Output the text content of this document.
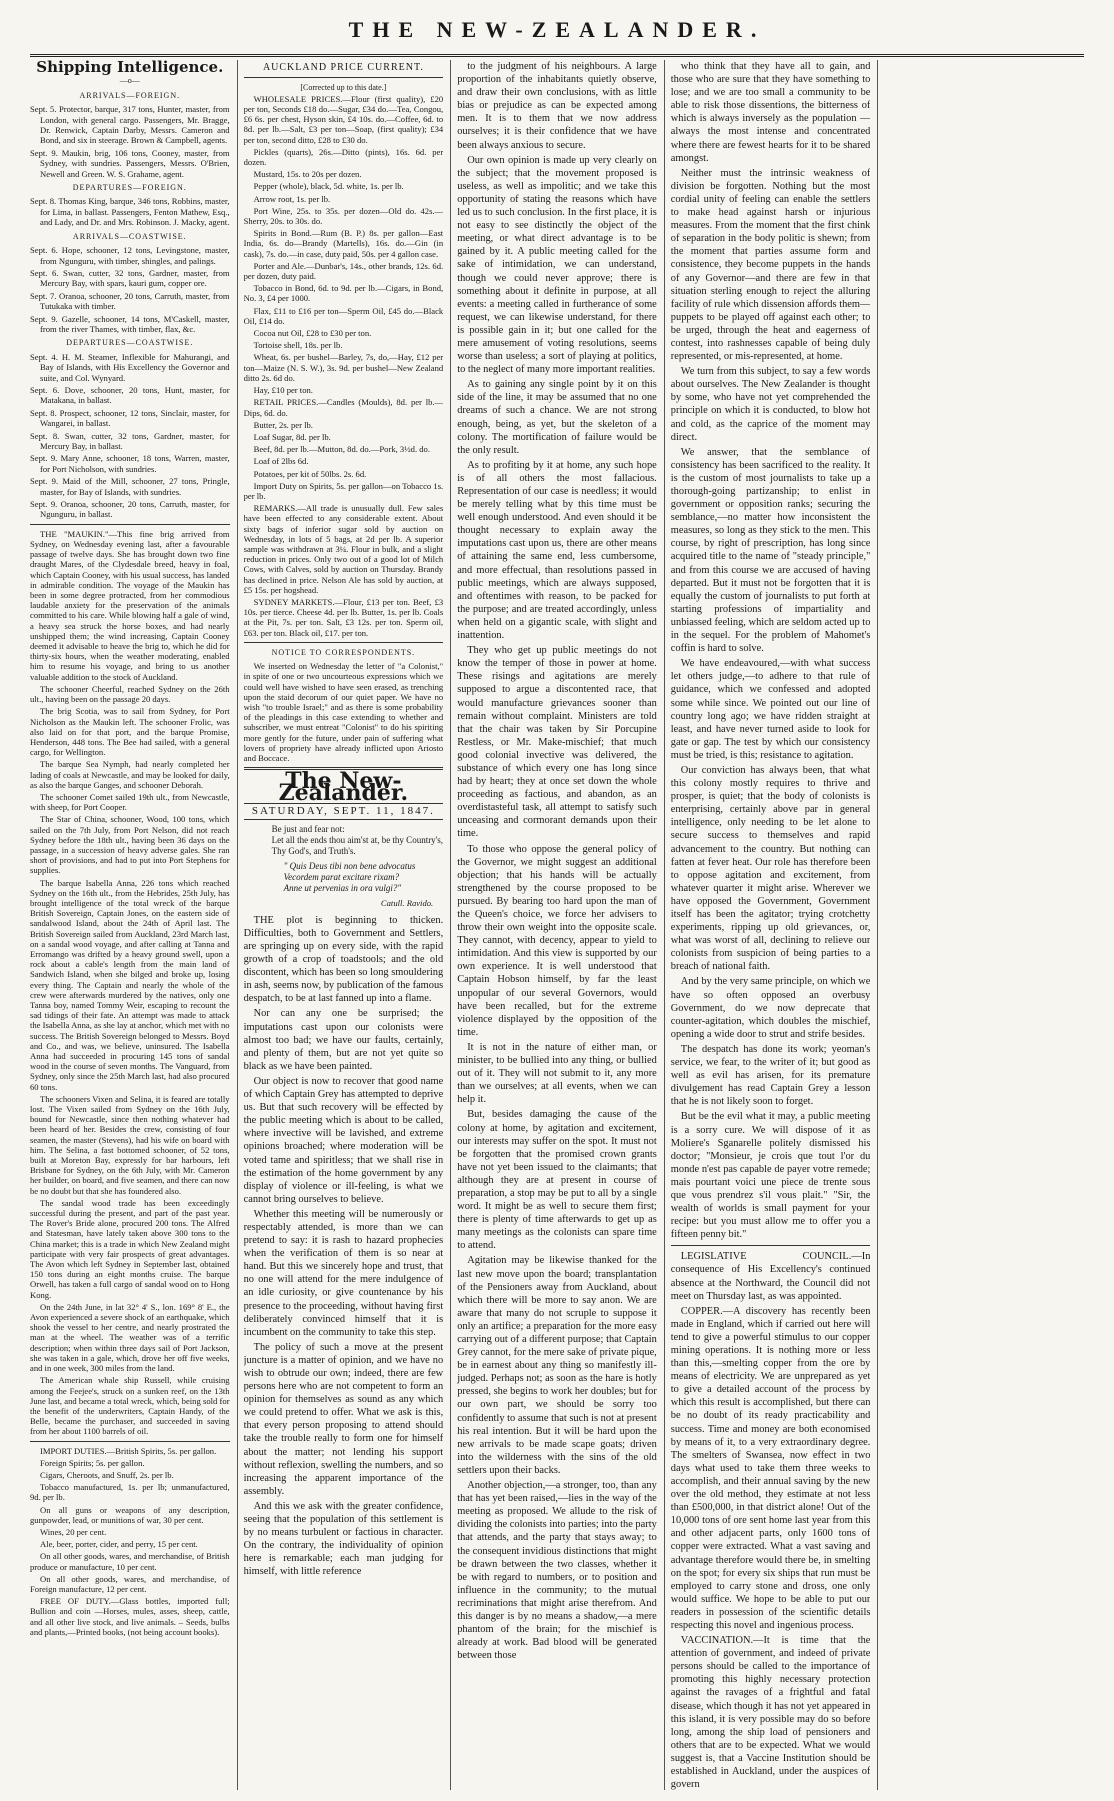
THE NEW-ZEALANDER.
Shipping Intelligence.
—o—
ARRIVALS—FOREIGN.
Sept. 5. Protector, barque, 317 tons, Hunter, master, from London, with general cargo. Passengers, Mr. Bragge, Dr. Renwick, Captain Darby, Messrs. Cameron and Bond, and six in steerage. Brown & Campbell, agents.
Sept. 9. Maukin, brig, 106 tons, Cooney, master, from Sydney, with sundries. Passengers, Messrs. O'Brien, Newell and Green. W. S. Grahame, agent.
DEPARTURES—FOREIGN.
Sept. 8. Thomas King, barque, 346 tons, Robbins, master, for Lima, in ballast. Passengers, Fenton Mathew, Esq., and Lady, and Dr. and Mrs. Robinson. J. Macky, agent.
ARRIVALS—COASTWISE.
Sept. 6. Hope, schooner, 12 tons, Levingstone, master, from Ngunguru, with timber, shingles, and palings.
Sept. 6. Swan, cutter, 32 tons, Gardner, master, from Mercury Bay, with spars, kauri gum, copper ore.
Sept. 7. Oranoa, schooner, 20 tons, Carruth, master, from Tutukaka with timber.
Sept. 9. Gazelle, schooner, 14 tons, M'Caskell, master, from the river Thames, with timber, flax, &c.
DEPARTURES—COASTWISE.
Sept. 4. H. M. Steamer, Inflexible for Mahurangi, and Bay of Islands, with His Excellency the Governor and suite, and Col. Wynyard.
Sept. 6. Dove, schooner, 20 tons, Hunt, master, for Matakana, in ballast.
Sept. 8. Prospect, schooner, 12 tons, Sinclair, master, for Wangarei, in ballast.
Sept. 8. Swan, cutter, 32 tons, Gardner, master, for Mercury Bay, in ballast.
Sept. 9. Mary Anne, schooner, 18 tons, Warren, master, for Port Nicholson, with sundries.
Sept. 9. Maid of the Mill, schooner, 27 tons, Pringle, master, for Bay of Islands, with sundries.
Sept. 9. Oranoa, schooner, 20 tons, Carruth, master, for Ngunguru, in ballast.

THE "MAUKIN."—This fine brig arrived from Sydney, on Wednesday evening last, after a favourable passage of twelve days. She has brought down two fine draught Mares, of the Clydesdale breed, heavy in foal, which Captain Cooney, with his usual success, has landed in admirable condition. The voyage of the Maukin has been in some degree protracted, from her commodious laudable anxiety for the preservation of the animals committed to his care. While blowing half a gale of wind, a heavy sea struck the horse boxes, and had nearly unshipped them; the wind increasing, Captain Cooney deemed it advisable to heave the brig to, which he did for thirty-six hours, when the weather moderating, enabled him to resume his voyage, and bring to us another valuable addition to the stock of Auckland.

The schooner Cheerful, reached Sydney on the 26th ult., having been on the passage 20 days.

The brig Scotia, was to sail from Sydney, for Port Nicholson as the Maukin left. The schooner Frolic, was also laid on for that port, and the barque Promise, Henderson, 448 tons. The Bee had sailed, with a general cargo, for Wellington.

The barque Sea Nymph, had nearly completed her lading of coals at Newcastle, and may be looked for daily, as also the barque Ganges, and schooner Deborah.

The schooner Comet sailed 19th ult., from Newcastle, with sheep, for Port Cooper.

The Star of China, schooner, Wood, 100 tons, which sailed on the 7th July, from Port Nelson, did not reach Sydney before the 18th ult., having been 36 days on the passage, in a succession of heavy adverse gales. She ran short of provisions, and had to put into Port Stephens for supplies.

The barque Isabella Anna, 226 tons which reached Sydney on the 16th ult., from the Hebrides, 25th July, has brought intelligence of the total wreck of the barque British Sovereign, Captain Jones, on the eastern side of sandalwood Island, about the 24th of April last. The British Sovereign sailed from Auckland, 23rd March last, on a sandal wood voyage, and after calling at Tanna and Erromango was drifted by a heavy ground swell, upon a rock about a cable's length from the main land of Sandwich Island, when she bilged and broke up, losing every thing. The Captain and nearly the whole of the crew were afterwards murdered by the natives, only one Tanna boy, named Tommy Weir, escaping to recount the sad tidings of their fate. An attempt was made to attack the Isabella Anna, as she lay at anchor, which met with no success. The British Sovereign belonged to Messrs. Boyd and Co., and was, we believe, uninsured. The Isabella Anna had succeeded in procuring 145 tons of sandal wood in the course of seven months. The Vanguard, from Sydney, only since the 25th March last, had also procured 60 tons.

The schooners Vixen and Selina, it is feared are totally lost. The Vixen sailed from Sydney on the 16th July, bound for Newcastle, since then nothing whatever had been heard of her. Besides the crew, consisting of four seamen, the master (Stevens), had his wife on board with him. The Selina, a fast bottomed schooner, of 52 tons, built at Moreton Bay, expressly for bar harbours, left Brisbane for Sydney, on the 6th July, with Mr. Cameron her builder, on board, and five seamen, and there can now be no doubt but that she has foundered also.

The sandal wood trade has been exceedingly successful during the present, and part of the past year. The Rover's Bride alone, procured 200 tons. The Alfred and Statesman, have lately taken above 300 tons to the China market; this is a trade in which New Zealand might participate with very fair prospects of great advantages. The Avon which left Sydney in September last, obtained 150 tons during an eight months cruise. The barque Orwell, has taken a full cargo of sandal wood on to Hong Kong.

On the 24th June, in lat 32° 4' S., lon. 169° 8' E., the Avon experienced a severe shock of an earthquake, which shook the vessel to her centre, and nearly prostrated the man at the wheel. The weather was of a terrific description; when within three days sail of Port Jackson, she was taken in a gale, which, drove her off five weeks, and in one week, 300 miles from the land.

The American whale ship Russell, while cruising among the Feejee's, struck on a sunken reef, on the 13th June last, and became a total wreck, which, being sold for the benefit of the underwriters, Captain Handy, of the Belle, became the purchaser, and succeeded in saving from her about 1100 barrels of oil.

IMPORT DUTIES.—British Spirits, 5s. per gallon.

Foreign Spirits; 5s. per gallon.

Cigars, Cheroots, and Snuff, 2s. per lb.

Tobacco manufactured, 1s. per lb; unmanufactured, 9d. per lb.

On all guns or weapons of any description, gunpowder, lead, or munitions of war, 30 per cent.

Wines, 20 per cent.

Ale, beer, porter, cider, and perry, 15 per cent.

On all other goods, wares, and merchandise, of British produce or manufacture, 10 per cent.

On all other goods, wares, and merchandise, of Foreign manufacture, 12 per cent.

FREE OF DUTY.—Glass bottles, imported full; Bullion and coin —Horses, mules, asses, sheep, cattle, and all other live stock, and live animals. – Seeds, bulbs and plants,—Printed books, (not being account books).

AUCKLAND PRICE CURRENT.
[Corrected up to this date.]

WHOLESALE PRICES.—Flour (first quality), £20 per ton, Seconds £18 do.—Sugar, £34 do.—Tea, Congou, £6 6s. per chest, Hyson skin, £4 10s. do.—Coffee, 6d. to 8d. per lb.—Salt, £3 per ton—Soap, (first quality); £34 per ton, second ditto, £28 to £30 do.

Pickles (quarts), 26s.—Ditto (pints), 16s. 6d. per dozen.

Mustard, 15s. to 20s per dozen.

Pepper (whole), black, 5d. white, 1s. per lb.

Arrow root, 1s. per lb.

Port Wine, 25s. to 35s. per dozen—Old do. 42s.—Sherry, 20s. to 30s. do.

Spirits in Bond.—Rum (B. P.) 8s. per gallon—East India, 6s. do—Brandy (Martells), 16s. do.—Gin (in cask), 7s. do.—in case, duty paid, 50s. per 4 gallon case.

Porter and Ale.—Dunbar's, 14s., other brands, 12s. 6d. per dozen, duty paid.

Tobacco in Bond, 6d. to 9d. per lb.—Cigars, in Bond, No. 3, £4 per 1000.

Flax, £11 to £16 per ton—Sperm Oil, £45 do.—Black Oil, £14 do.

Cocoa nut Oil, £28 to £30 per ton.

Tortoise shell, 18s. per lb.

Wheat, 6s. per bushel—Barley, 7s, do,—Hay, £12 per ton—Maize (N. S. W.), 3s. 9d. per bushel—New Zealand ditto 2s. 6d do.

Hay, £10 per ton.

RETAIL PRICES.—Candles (Moulds), 8d. per lb.—Dips, 6d. do.

Butter, 2s. per lb.

Loaf Sugar, 8d. per lb.

Beef, 8d. per lb.—Mutton, 8d. do.—Pork, 3½d. do.

Loaf of 2lbs 6d.

Potatoes, per kit of 50lbs. 2s. 6d.

Import Duty on Spirits, 5s. per gallon—on Tobacco 1s. per lb.

REMARKS.—All trade is unusually dull. Few sales have been effected to any considerable extent. About sixty bags of inferior sugar sold by auction on Wednesday, in lots of 5 bags, at 2d per lb. A superior sample was withdrawn at 3¼. Flour in bulk, and a slight reduction in prices. Only two out of a good lot of Milch Cows, with Calves, sold by auction on Thursday. Brandy has declined in price. Nelson Ale has sold by auction, at £5 15s. per hogshead.

SYDNEY MARKETS.—Flour, £13 per ton. Beef, £3 10s. per tierce. Cheese 4d. per lb. Butter, 1s. per lb. Coals at the Pit, 7s. per ton. Salt, £3 12s. per ton. Sperm oil, £63. per ton. Black oil, £17. per ton.

NOTICE TO CORRESPONDENTS.

We inserted on Wednesday the letter of "a Colonist," in spite of one or two uncourteous expressions which we could well have wished to have seen erased, as trenching upon the staid decorum of our quiet paper. We have no wish "to trouble Israel;" and as there is some probability of the pleadings in this case extending to whether and subscriber, we must entreat "Colonist" to do his spiriting more gently for the future, under pain of suffering what lovers of propriety have already inflicted upon Ariosto and Boccace.

The New-Zealander.
SATURDAY, SEPT. 11, 1847.
Be just and fear not:
Let all the ends thou aim'st at, be thy Country's,
Thy God's, and Truth's.
" Quis Deus tibi non bene advocatus
Vecordem parat excitare rixam?
Anne ut pervenias in ora vulgi?"
Catull. Ravido.

THE plot is beginning to thicken. Difficulties, both to Government and Settlers, are springing up on every side, with the rapid growth of a crop of toadstools; and the old discontent, which has been so long smouldering in ash, seems now, by publication of the famous despatch, to be at last fanned up into a flame.

Nor can any one be surprised; the imputations cast upon our colonists were almost too bad; we have our faults, certainly, and plenty of them, but are not yet quite so black as we have been painted.

Our object is now to recover that good name of which Captain Grey has attempted to deprive us. But that such recovery will be effected by the public meeting which is about to be called, where invective will be lavished, and extreme opinions broached; where moderation will be voted tame and spiritless; that we shall rise in the estimation of the home government by any display of violence or ill-feeling, is what we cannot bring ourselves to believe.

Whether this meeting will be numerously or respectably attended, is more than we can pretend to say: it is rash to hazard prophecies when the verification of them is so near at hand. But this we sincerely hope and trust, that no one will attend for the mere indulgence of an idle curiosity, or give countenance by his presence to the proceeding, without having first deliberately convinced himself that it is incumbent on the community to take this step.

The policy of such a move at the present juncture is a matter of opinion, and we have no wish to obtrude our own; indeed, there are few persons here who are not competent to form an opinion for themselves as sound as any which we could pretend to offer. What we ask is this, that every person proposing to attend should take the trouble really to form one for himself about the matter; not lending his support without reflexion, swelling the numbers, and so increasing the apparent importance of the assembly.

And this we ask with the greater confidence, seeing that the population of this settlement is by no means turbulent or factious in character. On the contrary, the individuality of opinion here is remarkable; each man judging for himself, with little reference

to the judgment of his neighbours. A large proportion of the inhabitants quietly observe, and draw their own conclusions, with as little bias or prejudice as can be expected among men. It is to them that we now address ourselves; it is their confidence that we have been always anxious to secure.

Our own opinion is made up very clearly on the subject; that the movement proposed is useless, as well as impolitic; and we take this opportunity of stating the reasons which have led us to such conclusion. In the first place, it is not easy to see distinctly the object of the meeting, or what direct advantage is to be gained by it. A public meeting called for the sake of intimidation, we can understand, though we could never approve; there is something about it definite in purpose, at all events: a meeting called in furtherance of some request, we can likewise understand, for there is possible gain in it; but one called for the mere amusement of voting resolutions, seems worse than useless; a sort of playing at politics, to the neglect of many more important realities.

As to gaining any single point by it on this side of the line, it may be assumed that no one dreams of such a chance. We are not strong enough, being, as yet, but the skeleton of a colony. The mortification of failure would be the only result.

As to profiting by it at home, any such hope is of all others the most fallacious. Representation of our case is needless; it would be merely telling what by this time must be well enough understood. And even should it be thought necessary to explain away the imputations cast upon us, there are other means of attaining the same end, less cumbersome, and more effectual, than resolutions passed in public meetings, which are always supposed, and oftentimes with reason, to be packed for the purpose; and are treated accordingly, unless when held on a gigantic scale, with slight and inattention.

They who get up public meetings do not know the temper of those in power at home. These risings and agitations are merely supposed to argue a discontented race, that would manufacture grievances sooner than remain without complaint. Ministers are told that the chair was taken by Sir Porcupine Restless, or Mr. Make-mischief; that much good colonial invective was delivered, the substance of which every one has long since had by heart; they at once set down the whole proceeding as factious, and abandon, as an overdistasteful task, all attempt to satisfy such unceasing and cormorant demands upon their time.

To those who oppose the general policy of the Governor, we might suggest an additional objection; that his hands will be actually strengthened by the course proposed to be pursued. By bearing too hard upon the man of the Queen's choice, we force her advisers to throw their own weight into the opposite scale. They cannot, with decency, appear to yield to intimidation. And this view is supported by our own experience. It is well understood that Captain Hobson himself, by far the least unpopular of our several Governors, would have been recalled, but for the extreme violence displayed by the opposition of the time.

It is not in the nature of either man, or minister, to be bullied into any thing, or bullied out of it. They will not submit to it, any more than we ourselves; at all events, when we can help it.

But, besides damaging the cause of the colony at home, by agitation and excitement, our interests may suffer on the spot. It must not be forgotten that the promised crown grants have not yet been issued to the claimants; that although they are at present in course of preparation, a stop may be put to all by a single word. It might be as well to secure them first; there is plenty of time afterwards to get up as many meetings as the colonists can spare time to attend.

Agitation may be likewise thanked for the last new move upon the board; transplantation of the Pensioners away from Auckland, about which there will be more to say anon. We are aware that many do not scruple to suppose it only an artifice; a preparation for the more easy carrying out of a different purpose; that Captain Grey cannot, for the mere sake of private pique, be in earnest about any thing so manifestly ill-judged. Perhaps not; as soon as the hare is hotly pressed, she begins to work her doubles; but for our own part, we should be sorry too confidently to assume that such is not at present his real intention. But it will be hard upon the new arrivals to be made scape goats; driven into the wilderness with the sins of the old settlers upon their backs.

Another objection,—a stronger, too, than any that has yet been raised,—lies in the way of the meeting as proposed. We allude to the risk of dividing the colonists into parties; into the party that attends, and the party that stays away; to the consequent invidious distinctions that might be drawn between the two classes, whether it be with regard to numbers, or to position and influence in the community; to the mutual recriminations that might arise therefrom. And this danger is by no means a shadow,—a mere phantom of the brain; for the mischief is already at work. Bad blood will be generated between those

who think that they have all to gain, and those who are sure that they have something to lose; and we are too small a community to be able to risk those dissentions, the bitterness of which is always inversely as the population —always the most intense and concentrated where there are fewest hearts for it to be shared amongst.

Neither must the intrinsic weakness of division be forgotten. Nothing but the most cordial unity of feeling can enable the settlers to make head against harsh or injurious measures. From the moment that the first chink of separation in the body politic is shewn; from the moment that parties assume form and consistence, they become puppets in the hands of any Governor—and there are few in that situation sterling enough to reject the alluring facility of rule which dissension affords them—puppets to be played off against each other; to be urged, through the heat and eagerness of contest, into rashnesses capable of being duly represented, or mis-represented, at home.

We turn from this subject, to say a few words about ourselves. The New Zealander is thought by some, who have not yet comprehended the principle on which it is conducted, to blow hot and cold, as the caprice of the moment may direct.

We answer, that the semblance of consistency has been sacrificed to the reality. It is the custom of most journalists to take up a thorough-going partizanship; to enlist in government or opposition ranks; securing the semblance,—no matter how inconsistent the measures, so long as they stick to the men. This course, by right of prescription, has long since acquired title to the name of "steady principle," and from this course we are accused of having departed. But it must not be forgotten that it is equally the custom of journalists to put forth at starting professions of impartiality and unbiassed feeling, which are seldom acted up to in the sequel. For the problem of Mahomet's coffin is hard to solve.

We have endeavoured,—with what success let others judge,—to adhere to that rule of guidance, which we confessed and adopted some while since. We pointed out our line of country long ago; we have ridden straight at least, and have never turned aside to look for gate or gap. The test by which our consistency must be tried, is this; resistance to agitation.

Our conviction has always been, that what this colony mostly requires to thrive and prosper, is quiet; that the body of colonists is enterprising, certainly above par in general intelligence, only needing to be let alone to secure success to themselves and rapid advancement to the country. But nothing can fatten at fever heat. Our role has therefore been to oppose agitation and excitement, from whatever quarter it might arise. Wherever we have opposed the Government, Government itself has been the agitator; trying crotchetty experiments, ripping up old grievances, or, what was worst of all, declining to relieve our colonists from suspicion of being parties to a breach of national faith.

And by the very same principle, on which we have so often opposed an overbusy Government, do we now deprecate that counter-agitation, which doubles the mischief, opening a wide door to strut and strife besides.

The despatch has done its work; yeoman's service, we fear, to the writer of it; but good as well as evil has arisen, for its premature divulgement has read Captain Grey a lesson that he is not likely soon to forget.

But be the evil what it may, a public meeting is a sorry cure. We will dispose of it as Moliere's Sganarelle politely dismissed his doctor; "Monsieur, je crois que tout l'or du monde n'est pas capable de payer votre remede; mais pourtant voici une piece de trente sous que vous prendrez s'il vous plait." "Sir, the wealth of worlds is small payment for your recipe: but you must allow me to offer you a fifteen penny bit."

LEGISLATIVE COUNCIL.—In consequence of His Excellency's continued absence at the Northward, the Council did not meet on Thursday last, as was appointed.

COPPER.—A discovery has recently been made in England, which if carried out here will tend to give a powerful stimulus to our copper mining operations. It is nothing more or less than this,—smelting copper from the ore by means of electricity. We are unprepared as yet to give a detailed account of the process by which this result is accomplished, but there can be no doubt of its ready practicability and success. Time and money are both economised by means of it, to a very extraordinary degree. The smelters of Swansea, now effect in two days what used to take them three weeks to accomplish, and their annual saving by the new over the old method, they estimate at not less than £500,000, in that district alone! Out of the 10,000 tons of ore sent home last year from this and other adjacent parts, only 1600 tons of copper were extracted. What a vast saving and advantage therefore would there be, in smelting on the spot; for every six ships that run must be employed to carry stone and dross, one only would suffice. We hope to be able to put our readers in possession of the scientific details respecting this novel and ingenious process.

VACCINATION.—It is time that the attention of government, and indeed of private persons should be called to the importance of promoting this highly necessary protection against the ravages of a frightful and fatal disease, which though it has not yet appeared in this island, it is very possible may do so before long, among the ship load of pensioners and others that are to be expected. What we would suggest is, that a Vaccine Institution should be established in Auckland, under the auspices of govern
